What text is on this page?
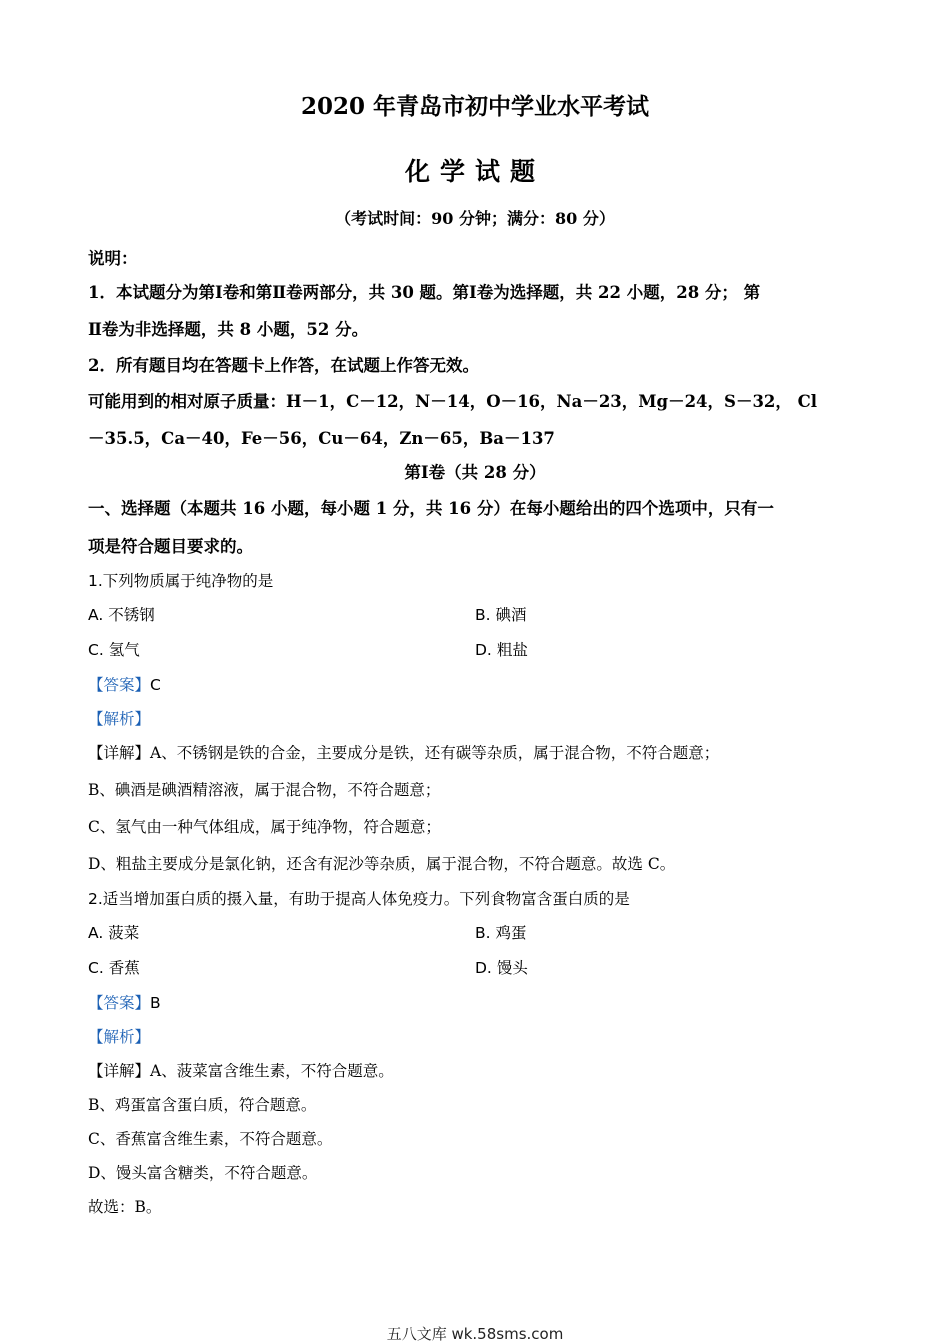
2020 年青岛市初中学业水平考试
化学试题
（考试时间：90 分钟；满分：80 分）
说明：
1．本试题分为第Ⅰ卷和第Ⅱ卷两部分，共 30 题。第Ⅰ卷为选择题，共 22 小题，28 分； 第
Ⅱ卷为非选择题，共 8 小题，52 分。
2．所有题目均在答题卡上作答，在试题上作答无效。
可能用到的相对原子质量：H－1，C－12，N－14，O－16，Na－23，Mg－24，S－32， Cl
－35.5，Ca－40，Fe－56，Cu－64，Zn－65，Ba－137
第Ⅰ卷（共 28 分）
一、选择题（本题共 16 小题，每小题 1 分，共 16 分）在每小题给出的四个选项中，只有一
项是符合题目要求的。
1.下列物质属于纯净物的是
A. 不锈钢	B. 碘酒
C. 氢气	D. 粗盐
【答案】C
【解析】
【详解】A、不锈钢是铁的合金，主要成分是铁，还有碳等杂质，属于混合物，不符合题意；
B、碘酒是碘酒精溶液，属于混合物，不符合题意；
C、氢气由一种气体组成，属于纯净物，符合题意；
D、粗盐主要成分是氯化钠，还含有泥沙等杂质，属于混合物，不符合题意。故选 C。
2.适当增加蛋白质的摄入量，有助于提高人体免疫力。下列食物富含蛋白质的是
A. 菠菜	B. 鸡蛋
C. 香蕉	D. 馒头
【答案】B
【解析】
【详解】A、菠菜富含维生素，不符合题意。
B、鸡蛋富含蛋白质，符合题意。
C、香蕉富含维生素，不符合题意。
D、馒头富含糖类，不符合题意。
故选：B。
五八文库 wk.58sms.com
